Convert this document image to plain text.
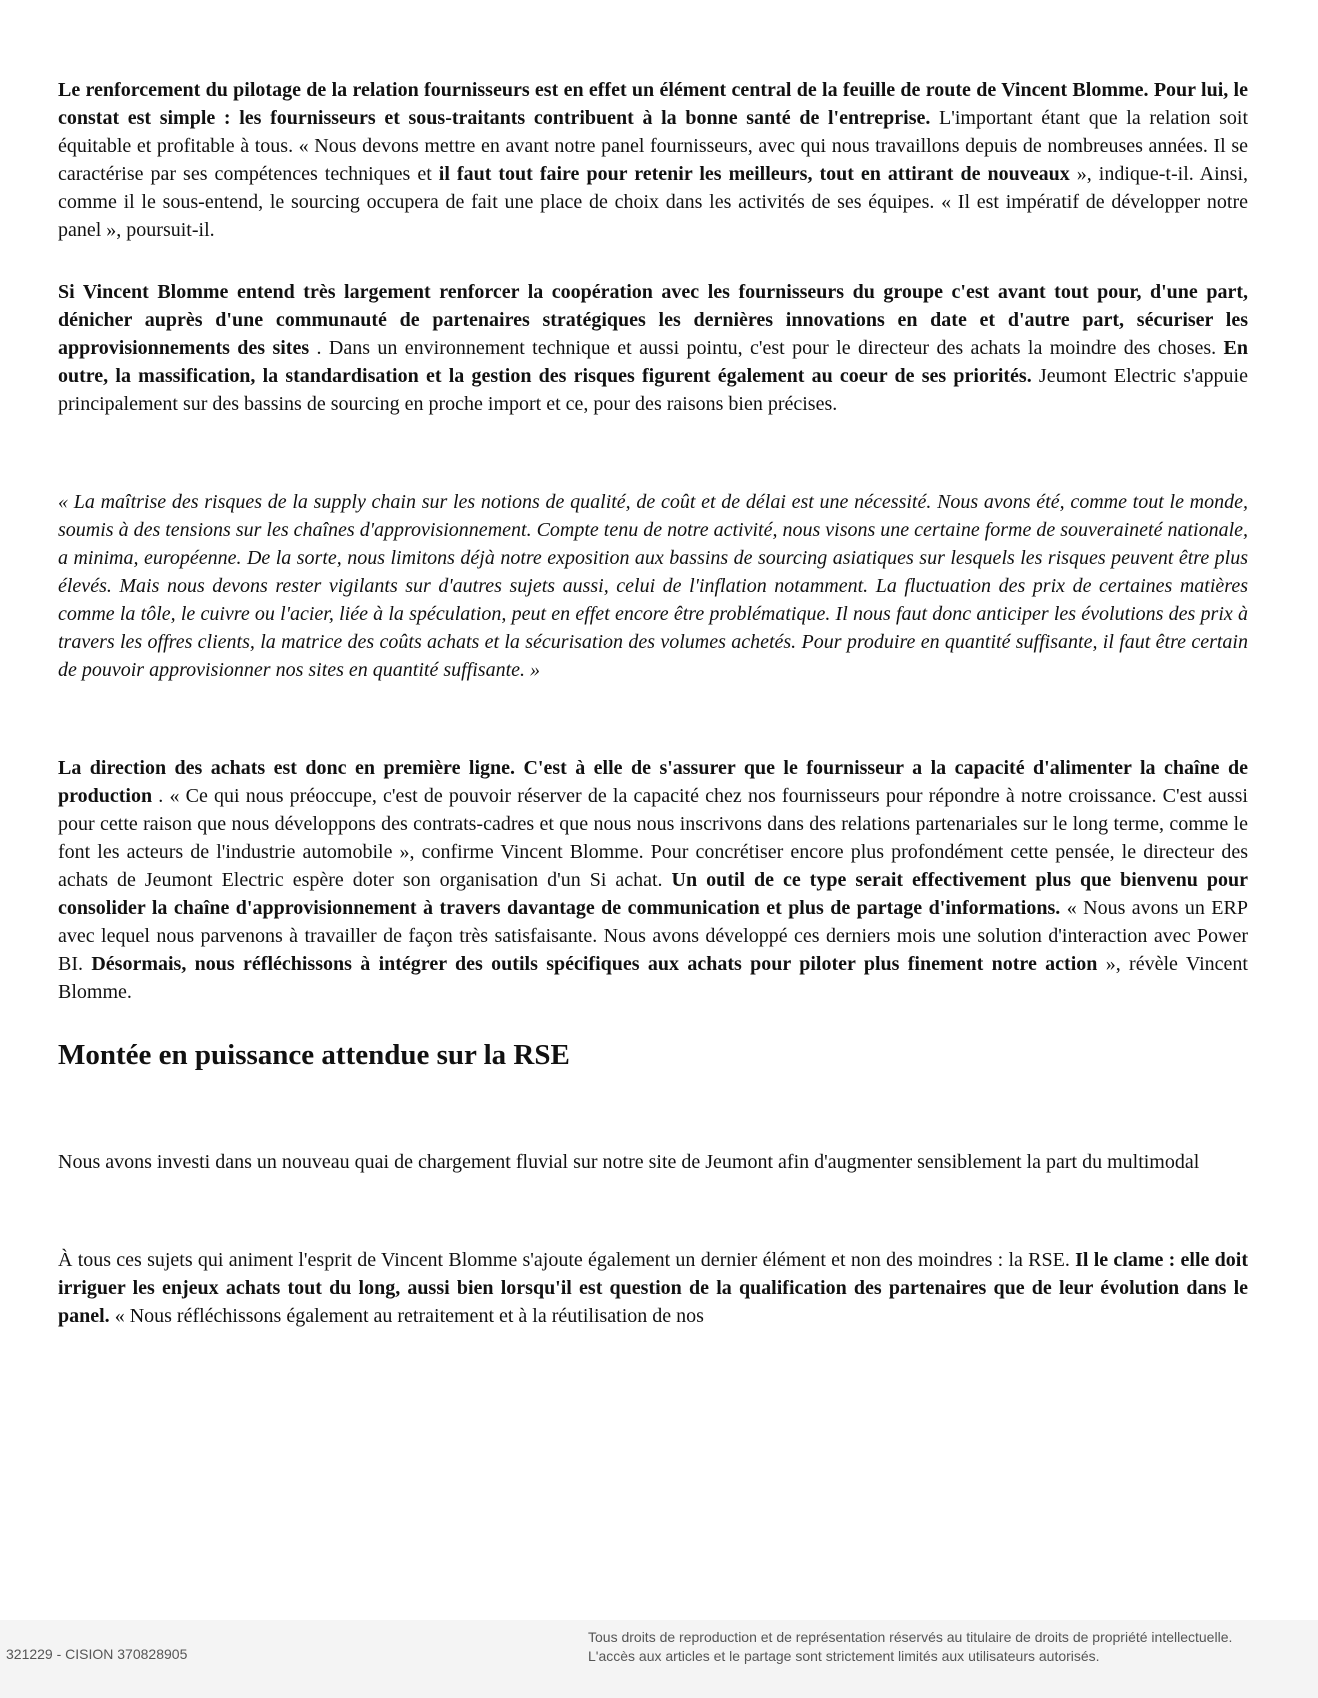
Le renforcement du pilotage de la relation fournisseurs est en effet un élément central de la feuille de route de Vincent Blomme. Pour lui, le constat est simple : les fournisseurs et sous-traitants contribuent à la bonne santé de l'entreprise. L'important étant que la relation soit équitable et profitable à tous. « Nous devons mettre en avant notre panel fournisseurs, avec qui nous travaillons depuis de nombreuses années. Il se caractérise par ses compétences techniques et il faut tout faire pour retenir les meilleurs, tout en attirant de nouveaux », indique-t-il. Ainsi, comme il le sous-entend, le sourcing occupera de fait une place de choix dans les activités de ses équipes. « Il est impératif de développer notre panel », poursuit-il.

Si Vincent Blomme entend très largement renforcer la coopération avec les fournisseurs du groupe c'est avant tout pour, d'une part, dénicher auprès d'une communauté de partenaires stratégiques les dernières innovations en date et d'autre part, sécuriser les approvisionnements des sites . Dans un environnement technique et aussi pointu, c'est pour le directeur des achats la moindre des choses. En outre, la massification, la standardisation et la gestion des risques figurent également au coeur de ses priorités. Jeumont Electric s'appuie principalement sur des bassins de sourcing en proche import et ce, pour des raisons bien précises.

« La maîtrise des risques de la supply chain sur les notions de qualité, de coût et de délai est une nécessité. Nous avons été, comme tout le monde, soumis à des tensions sur les chaînes d'approvisionnement. Compte tenu de notre activité, nous visons une certaine forme de souveraineté nationale, a minima, européenne. De la sorte, nous limitons déjà notre exposition aux bassins de sourcing asiatiques sur lesquels les risques peuvent être plus élevés. Mais nous devons rester vigilants sur d'autres sujets aussi, celui de l'inflation notamment. La fluctuation des prix de certaines matières comme la tôle, le cuivre ou l'acier, liée à la spéculation, peut en effet encore être problématique. Il nous faut donc anticiper les évolutions des prix à travers les offres clients, la matrice des coûts achats et la sécurisation des volumes achetés. Pour produire en quantité suffisante, il faut être certain de pouvoir approvisionner nos sites en quantité suffisante. »

La direction des achats est donc en première ligne. C'est à elle de s'assurer que le fournisseur a la capacité d'alimenter la chaîne de production . « Ce qui nous préoccupe, c'est de pouvoir réserver de la capacité chez nos fournisseurs pour répondre à notre croissance. C'est aussi pour cette raison que nous développons des contrats-cadres et que nous nous inscrivons dans des relations partenariales sur le long terme, comme le font les acteurs de l'industrie automobile », confirme Vincent Blomme. Pour concrétiser encore plus profondément cette pensée, le directeur des achats de Jeumont Electric espère doter son organisation d'un Si achat. Un outil de ce type serait effectivement plus que bienvenu pour consolider la chaîne d'approvisionnement à travers davantage de communication et plus de partage d'informations. « Nous avons un ERP avec lequel nous parvenons à travailler de façon très satisfaisante. Nous avons développé ces derniers mois une solution d'interaction avec Power BI. Désormais, nous réfléchissons à intégrer des outils spécifiques aux achats pour piloter plus finement notre action », révèle Vincent Blomme.

Montée en puissance attendue sur la RSE

Nous avons investi dans un nouveau quai de chargement fluvial sur notre site de Jeumont afin d'augmenter sensiblement la part du multimodal

À tous ces sujets qui animent l'esprit de Vincent Blomme s'ajoute également un dernier élément et non des moindres : la RSE. Il le clame : elle doit irriguer les enjeux achats tout du long, aussi bien lorsqu'il est question de la qualification des partenaires que de leur évolution dans le panel. « Nous réfléchissons également au retraitement et à la réutilisation de nos

321229 - CISION 370828905
Tous droits de reproduction et de représentation réservés au titulaire de droits de propriété intellectuelle.
L'accès aux articles et le partage sont strictement limités aux utilisateurs autorisés.
